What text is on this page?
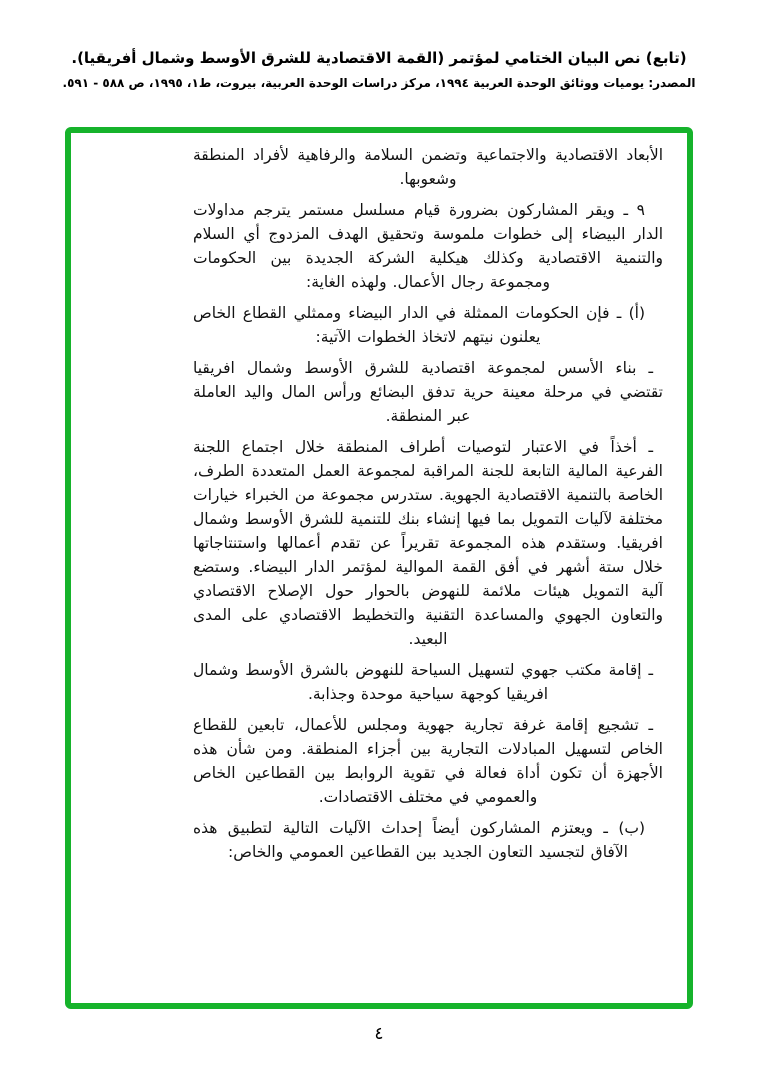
(تابع) نص البيان الختامي لمؤتمر (القمة الاقتصادية للشرق الأوسط وشمال أفريقيا).
المصدر: يوميات ووثائق الوحدة العربية ١٩٩٤، مركز دراسات الوحدة العربية، بيروت، ط١، ١٩٩٥، ص ٥٨٨ - ٥٩١.

الأبعاد الاقتصادية والاجتماعية وتضمن السلامة والرفاهية لأفراد المنطقة وشعوبها.

٩ ـ ويقر المشاركون بضرورة قيام مسلسل مستمر يترجم مداولات الدار البيضاء إلى خطوات ملموسة وتحقيق الهدف المزدوج أي السلام والتنمية الاقتصادية وكذلك هيكلية الشركة الجديدة بين الحكومات ومجموعة رجال الأعمال. ولهذه الغاية:

(أ) ـ فإن الحكومات الممثلة في الدار البيضاء وممثلي القطاع الخاص يعلنون نيتهم لاتخاذ الخطوات الآتية:

ـ بناء الأسس لمجموعة اقتصادية للشرق الأوسط وشمال افريقيا تقتضي في مرحلة معينة حرية تدفق البضائع ورأس المال واليد العاملة عبر المنطقة.

ـ أخذاً في الاعتبار لتوصيات أطراف المنطقة خلال اجتماع اللجنة الفرعية المالية التابعة للجنة المراقبة لمجموعة العمل المتعددة الطرف، الخاصة بالتنمية الاقتصادية الجهوية. ستدرس مجموعة من الخبراء خيارات مختلفة لآليات التمويل بما فيها إنشاء بنك للتنمية للشرق الأوسط وشمال افريقيا. وستقدم هذه المجموعة تقريراً عن تقدم أعمالها واستنتاجاتها خلال ستة أشهر في أفق القمة الموالية لمؤتمر الدار البيضاء. وستضع آلية التمويل هيئات ملائمة للنهوض بالحوار حول الإصلاح الاقتصادي والتعاون الجهوي والمساعدة التقنية والتخطيط الاقتصادي على المدى البعيد.

ـ إقامة مكتب جهوي لتسهيل السياحة للنهوض بالشرق الأوسط وشمال افريقيا كوجهة سياحية موحدة وجذابة.

ـ تشجيع إقامة غرفة تجارية جهوية ومجلس للأعمال، تابعين للقطاع الخاص لتسهيل المبادلات التجارية بين أجزاء المنطقة. ومن شأن هذه الأجهزة أن تكون أداة فعالة في تقوية الروابط بين القطاعين الخاص والعمومي في مختلف الاقتصادات.

(ب) ـ ويعتزم المشاركون أيضاً إحداث الآليات التالية لتطبيق هذه الآفاق لتجسيد التعاون الجديد بين القطاعين العمومي والخاص:

٤
